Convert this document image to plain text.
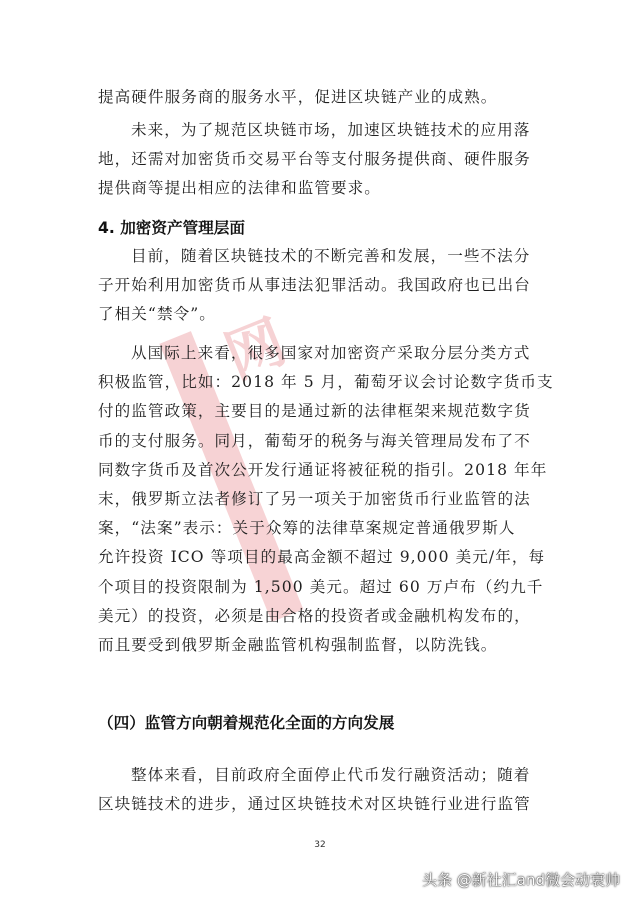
网
提高硬件服务商的服务水平，促进区块链产业的成熟。
未来，为了规范区块链市场，加速区块链技术的应用落
地，还需对加密货币交易平台等支付服务提供商、硬件服务
提供商等提出相应的法律和监管要求。
4. 加密资产管理层面
目前，随着区块链技术的不断完善和发展，一些不法分
子开始利用加密货币从事违法犯罪活动。我国政府也已出台
了相关“禁令”。
从国际上来看，很多国家对加密资产采取分层分类方式
积极监管，比如：2018 年 5 月，葡萄牙议会讨论数字货币支
付的监管政策，主要目的是通过新的法律框架来规范数字货
币的支付服务。同月，葡萄牙的税务与海关管理局发布了不
同数字货币及首次公开发行通证将被征税的指引。2018 年年
末，俄罗斯立法者修订了另一项关于加密货币行业监管的法
案，“法案”表示：关于众筹的法律草案规定普通俄罗斯人
允许投资 ICO 等项目的最高金额不超过 9,000 美元/年，每
个项目的投资限制为 1,500 美元。超过 60 万卢布（约九千
美元）的投资，必须是由合格的投资者或金融机构发布的，
而且要受到俄罗斯金融监管机构强制监督，以防洗钱。
（四）监管方向朝着规范化全面的方向发展
整体来看，目前政府全面停止代币发行融资活动；随着
区块链技术的进步，通过区块链技术对区块链行业进行监管
32
头条 @新社汇and微会动衰帅
